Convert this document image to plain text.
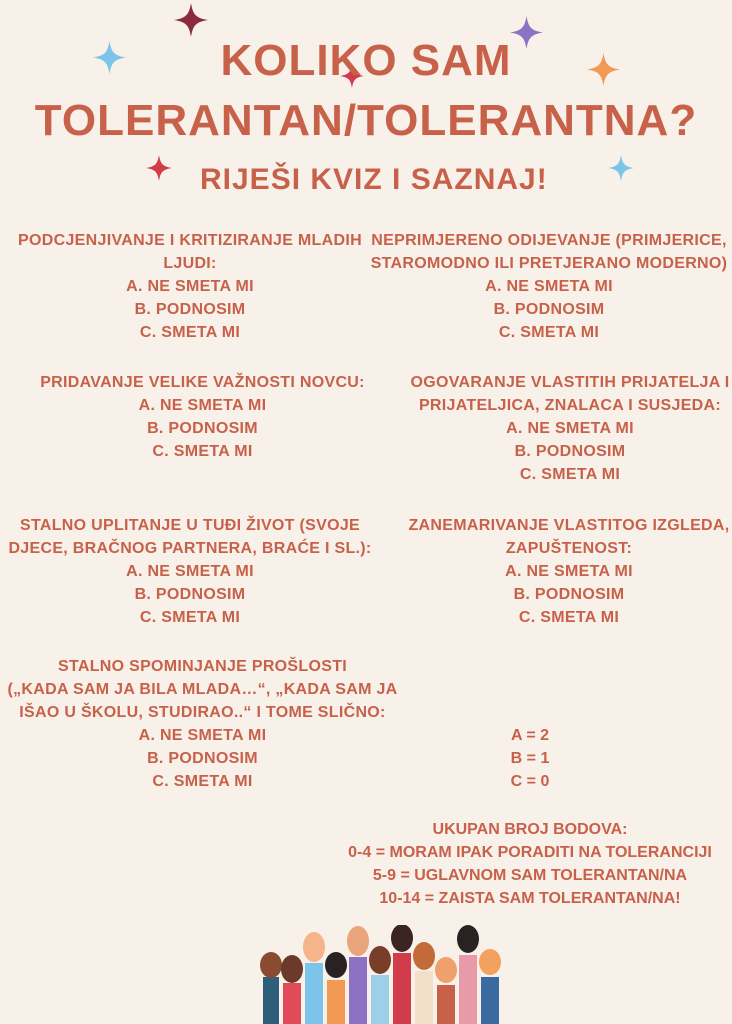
KOLIKO SAM
TOLERANTAN/TOLERANTNA?
RIJEŠI KVIZ I SAZNAJ!
PODCJENJIVANJE I KRITIZIRANJE MLADIH
LJUDI:
A. NE SMETA MI
B. PODNOSIM
C. SMETA MI
NEPRIMJERENO ODIJEVANJE (PRIMJERICE,
STAROMODNO ILI PRETJERANO MODERNO)
A. NE SMETA MI
B. PODNOSIM
C. SMETA MI
PRIDAVANJE VELIKE VAŽNOSTI NOVCU:
A. NE SMETA MI
B. PODNOSIM
C. SMETA MI
OGOVARANJE VLASTITIH PRIJATELJA I
PRIJATELJICA, ZNALACA I SUSJEDA:
A. NE SMETA MI
B. PODNOSIM
C. SMETA MI
STALNO UPLITANJE U TUĐI ŽIVOT (SVOJE
DJECE, BRAČNOG PARTNERA, BRAĆE I SL.):
A. NE SMETA MI
B. PODNOSIM
C. SMETA MI
ZANEMARIVANJE VLASTITOG IZGLEDA,
ZAPUŠTENOST:
A. NE SMETA MI
B. PODNOSIM
C. SMETA MI
STALNO SPOMINJANJE PROŠLOSTI
(„KADA SAM JA BILA MLADA…“, „KADA SAM JA
IŠAO U ŠKOLU, STUDIRAO..“ I TOME SLIČNO:
A. NE SMETA MI
B. PODNOSIM
C. SMETA MI
A = 2
B = 1
C = 0
UKUPAN BROJ BODOVA:
0-4 = MORAM IPAK PORADITI NA TOLERANCIJI
5-9 = UGLAVNOM SAM TOLERANTAN/NA
10-14 = ZAISTA SAM TOLERANTAN/NA!
